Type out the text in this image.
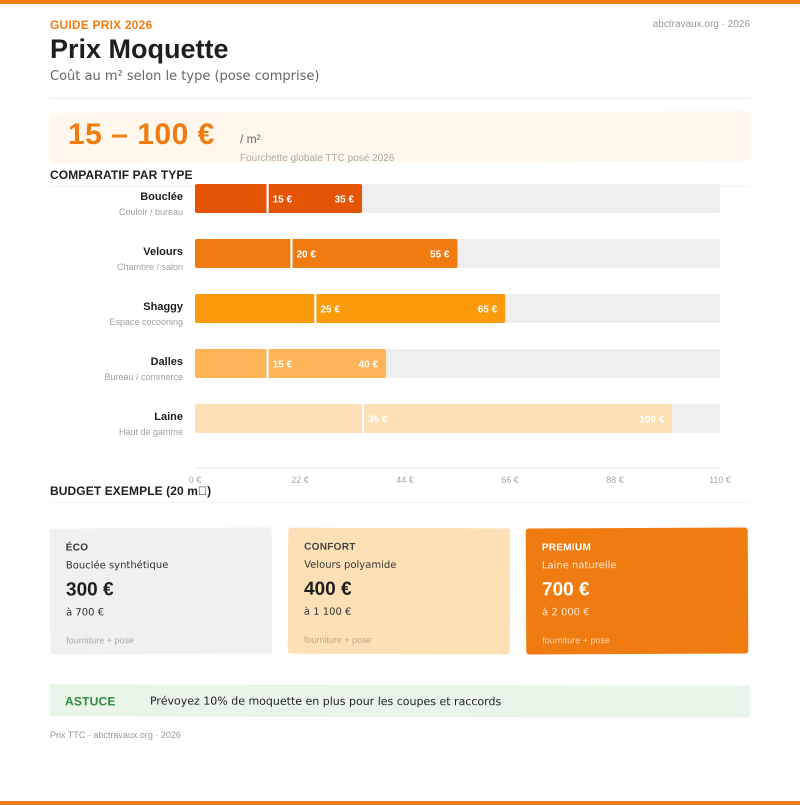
GUIDE PRIX 2026	abctravaux.org · 2026
Prix Moquette
Coût au m² selon le type (pose comprise)
15 – 100 € / m²
Fourchette globale TTC posé 2026
COMPARATIF PAR TYPE
15 €	35 €
Bouclée
Couloir / bureau
20 €	55 €
Velours
Chambre / salon
25 €	65 €
Shaggy
Espace cocooning
15 €	40 €
Dalles
Bureau / commerce
35 €	100 €
Laine
Haut de gamme
0 €	22 €	44 €	66 €	88 €	110 €
BUDGET EXEMPLE (20 m )
ÉCO
Bouclée synthétique
300 €
à 700 €
fourniture + pose
CONFORT
Velours polyamide
400 €
à 1 100 €
fourniture + pose
PREMIUM
Laine naturelle
700 €
à 2 000 €
fourniture + pose
ASTUCE	Prévoyez 10% de moquette en plus pour les coupes et raccords
Prix TTC · abctravaux.org · 2026
